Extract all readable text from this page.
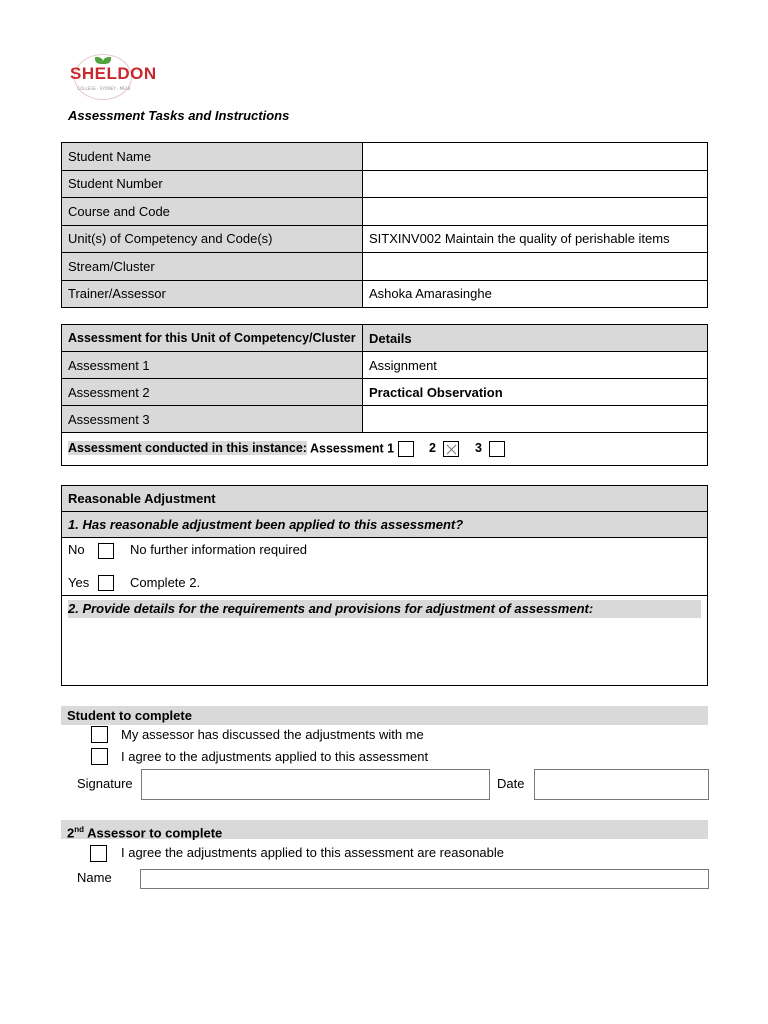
SHELDON
COLLEGE · SYDNEY · MELB
Assessment Tasks and Instructions
Student Name	
Student Number	
Course and Code	
Unit(s) of Competency and Code(s)	SITXINV002 Maintain the quality of perishable items
Stream/Cluster	
Trainer/Assessor	Ashoka Amarasinghe
Assessment for this Unit of Competency/Cluster	Details
Assessment 1	Assignment
Assessment 2	Practical Observation
Assessment 3	
Assessment conducted in this instance: Assessment 1 2 3	
Reasonable Adjustment
1. Has reasonable adjustment been applied to this assessment?
No	No further information required
Yes	Complete 2.
2. Provide details for the requirements and provisions for adjustment of assessment:
Student to complete
My assessor has discussed the adjustments with me
I agree to the adjustments applied to this assessment
Signature	Date
2nd Assessor to complete
I agree the adjustments applied to this assessment are reasonable
Name
